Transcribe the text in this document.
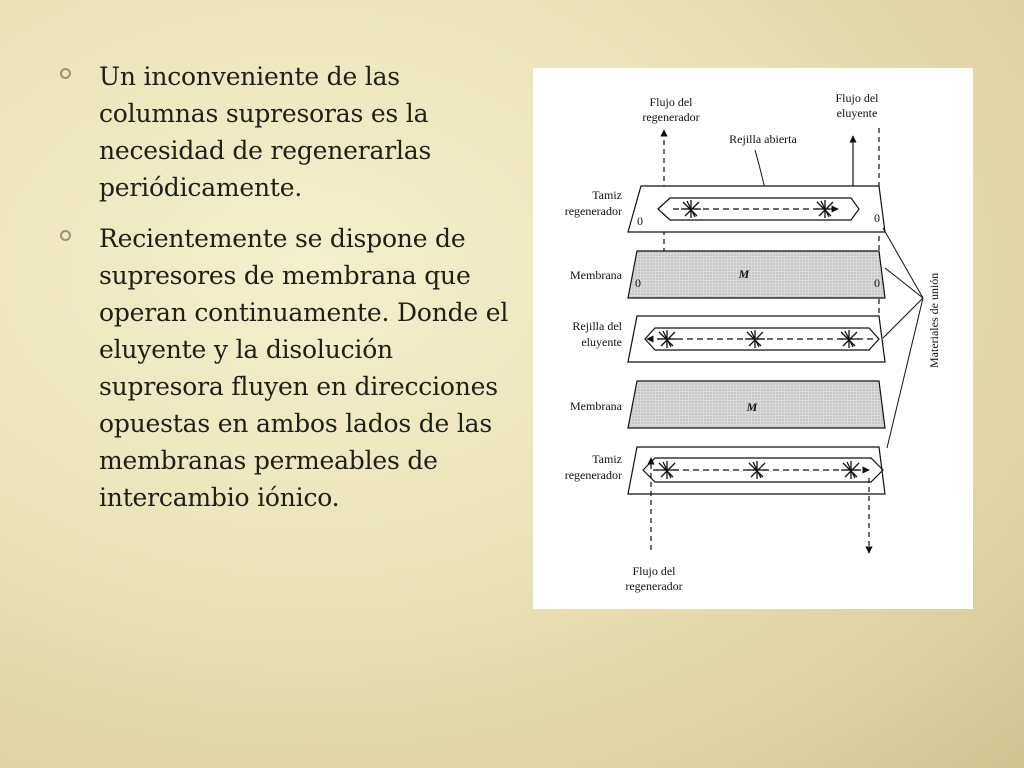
Un inconveniente de las columnas supresoras es la necesidad de regenerarlas periódicamente.
Recientemente se dispone de supresores de membrana que operan continuamente. Donde el eluyente y la disolución supresora fluyen en direcciones opuestas en ambos lados de las membranas permeables de intercambio iónico.
Flujo del
regenerador
Flujo del
eluyente
Rejilla abierta
Tamiz
regenerador
Membrana
Rejilla del
eluyente
Membrana
Tamiz
regenerador
0	0
M
0	0
M
Flujo del
regenerador
Materiales de unión
